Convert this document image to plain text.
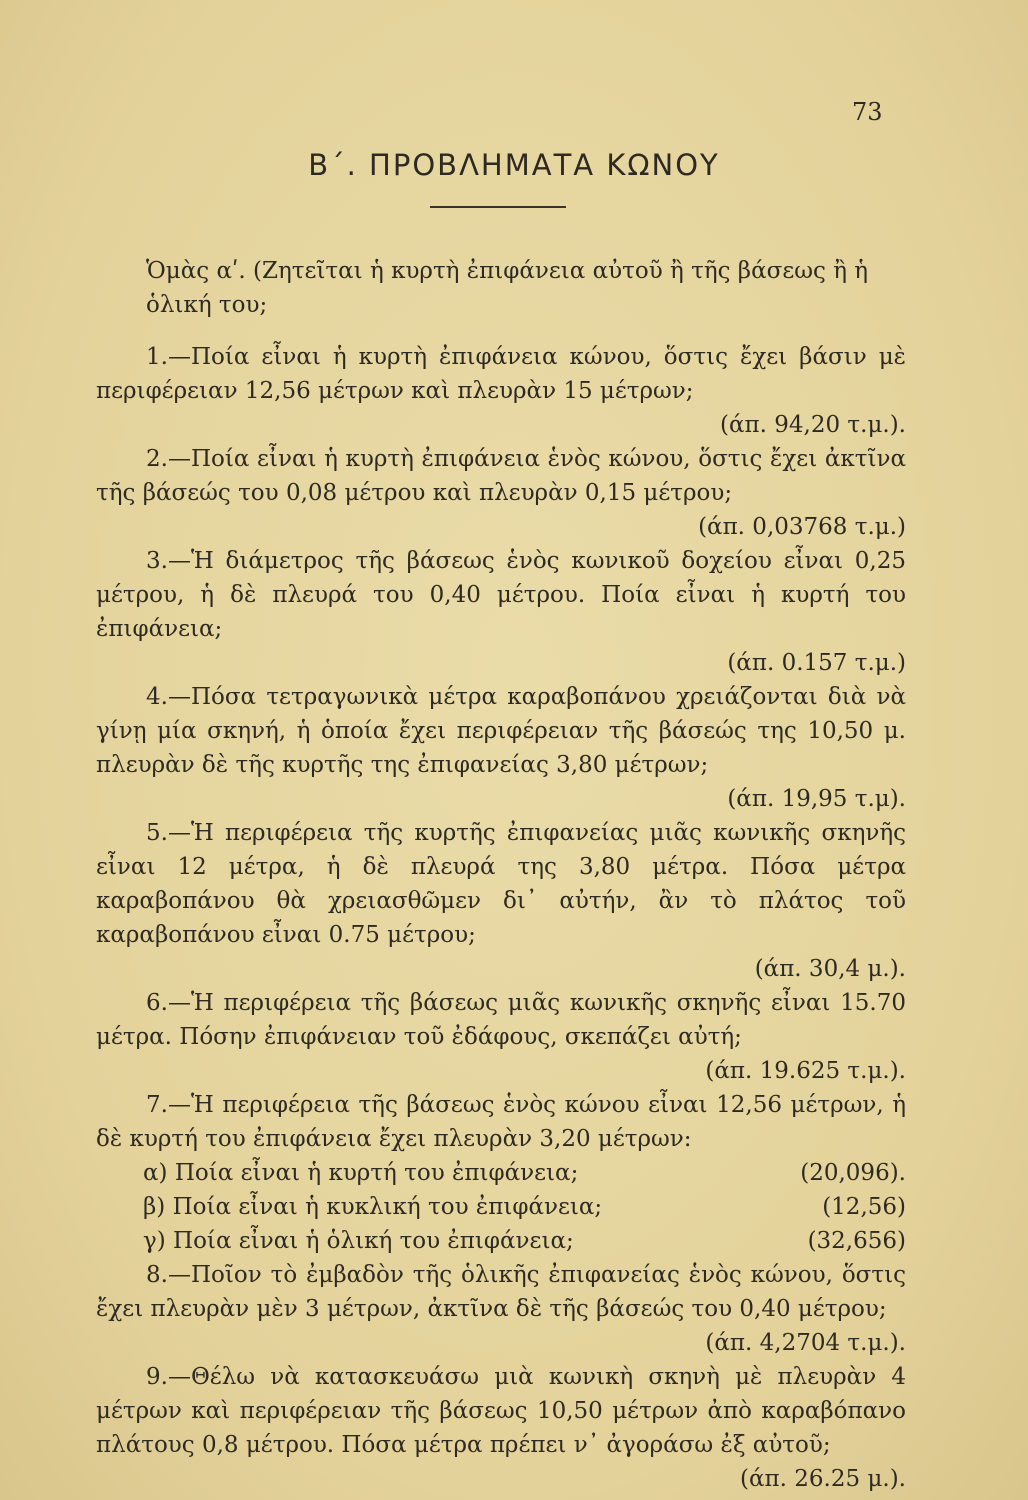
73
Β΄. ΠΡΟΒΛΗΜΑΤΑ ΚΩΝΟΥ

Ὁμὰς αʹ. (Ζητεῖται ἡ κυρτὴ ἐπιφάνεια αὐτοῦ ἢ τῆς βάσεως ἢ ἡ ὁλική του;

1.—Ποία εἶναι ἡ κυρτὴ ἐπιφάνεια κώνου, ὅστις ἔχει βάσιν μὲ περιφέρειαν 12,56 μέτρων καὶ πλευρὰν 15 μέτρων;

(άπ. 94,20 τ.μ.).

2.—Ποία εἶναι ἡ κυρτὴ ἐπιφάνεια ἑνὸς κώνου, ὅστις ἔχει ἀκτῖνα τῆς βάσεώς του 0,08 μέτρου καὶ πλευρὰν 0,15 μέτρου;

(άπ. 0,03768 τ.μ.)

3.—Ἡ διάμετρος τῆς βάσεως ἑνὸς κωνικοῦ δοχείου εἶναι 0,25 μέτρου, ἡ δὲ πλευρά του 0,40 μέτρου. Ποία εἶναι ἡ κυρτή του ἐπιφάνεια;

(άπ. 0.157 τ.μ.)

4.—Πόσα τετραγωνικὰ μέτρα καραβοπάνου χρειάζονται διὰ νὰ γίνῃ μία σκηνή, ἡ ὁποία ἔχει περιφέρειαν τῆς βάσεώς της 10,50 μ. πλευρὰν δὲ τῆς κυρτῆς της ἐπιφανείας 3,80 μέτρων;

(άπ. 19,95 τ.μ).

5.—Ἡ περιφέρεια τῆς κυρτῆς ἐπιφανείας μιᾶς κωνικῆς σκηνῆς εἶναι 12 μέτρα, ἡ δὲ πλευρά της 3,80 μέτρα. Πόσα μέτρα καραβοπάνου θὰ χρειασθῶμεν δι᾽ αὐτήν, ἂν τὸ πλάτος τοῦ καραβοπάνου εἶναι 0.75 μέτρου;

(άπ. 30,4 μ.).

6.—Ἡ περιφέρεια τῆς βάσεως μιᾶς κωνικῆς σκηνῆς εἶναι 15.70 μέτρα. Πόσην ἐπιφάνειαν τοῦ ἐδάφους, σκεπάζει αὐτή;

(άπ. 19.625 τ.μ.).

7.—Ἡ περιφέρεια τῆς βάσεως ἑνὸς κώνου εἶναι 12,56 μέτρων, ἡ δὲ κυρτή του ἐπιφάνεια ἔχει πλευρὰν 3,20 μέτρων:

α) Ποία εἶναι ἡ κυρτή του ἐπιφάνεια;	(20,096).
β) Ποία εἶναι ἡ κυκλική του ἐπιφάνεια;	(12,56)
γ) Ποία εἶναι ἡ ὁλική του ἐπιφάνεια;	(32,656)

8.—Ποῖον τὸ ἐμβαδὸν τῆς ὁλικῆς ἐπιφανείας ἑνὸς κώνου, ὅστις ἔχει πλευρὰν μὲν 3 μέτρων, ἀκτῖνα δὲ τῆς βάσεώς του 0,40 μέτρου;

(άπ. 4,2704 τ.μ.).

9.—Θέλω νὰ κατασκευάσω μιὰ κωνικὴ σκηνὴ μὲ πλευρὰν 4 μέτρων καὶ περιφέρειαν τῆς βάσεως 10,50 μέτρων ἀπὸ καραβόπανο πλάτους 0,8 μέτρου. Πόσα μέτρα πρέπει ν᾽ ἀγοράσω ἐξ αὐτοῦ;

(άπ. 26.25 μ.).
